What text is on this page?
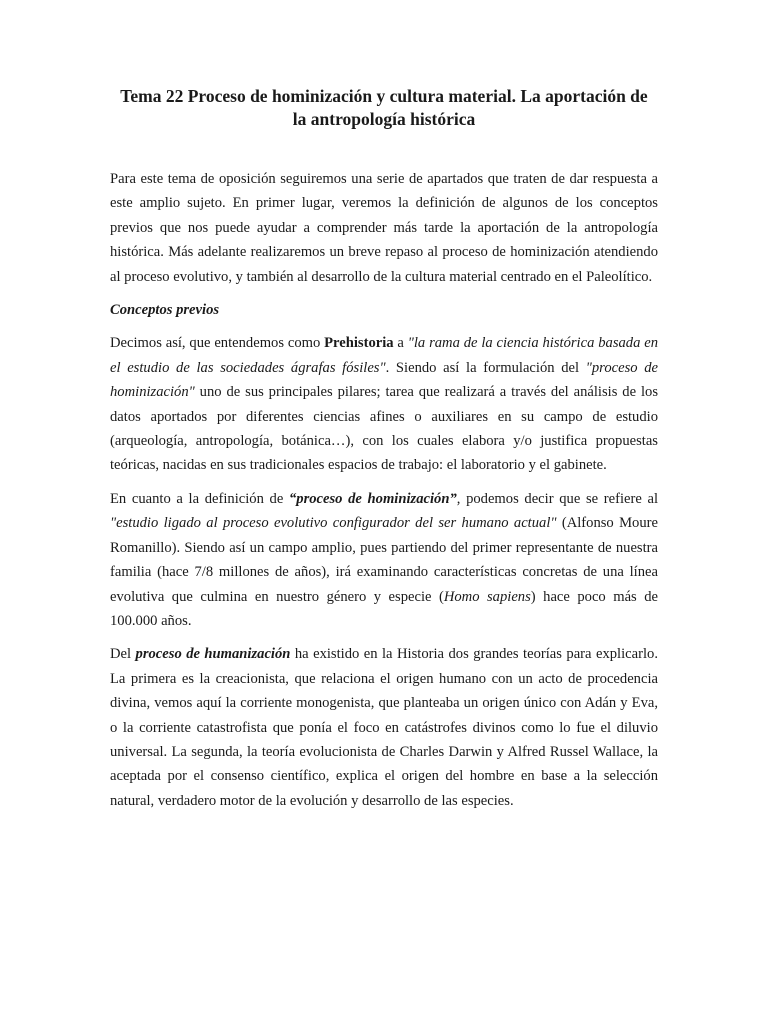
Tema 22 Proceso de hominización y cultura material. La aportación de la antropología histórica

Para este tema de oposición seguiremos una serie de apartados que traten de dar respuesta a este amplio sujeto. En primer lugar, veremos la definición de algunos de los conceptos previos que nos puede ayudar a comprender más tarde la aportación de la antropología histórica. Más adelante realizaremos un breve repaso al proceso de hominización atendiendo al proceso evolutivo, y también al desarrollo de la cultura material centrado en el Paleolítico.

Conceptos previos

Decimos así, que entendemos como Prehistoria a "la rama de la ciencia histórica basada en el estudio de las sociedades ágrafas fósiles". Siendo así la formulación del "proceso de hominización" uno de sus principales pilares; tarea que realizará a través del análisis de los datos aportados por diferentes ciencias afines o auxiliares en su campo de estudio (arqueología, antropología, botánica…), con los cuales elabora y/o justifica propuestas teóricas, nacidas en sus tradicionales espacios de trabajo: el laboratorio y el gabinete.

En cuanto a la definición de “proceso de hominización”, podemos decir que se refiere al "estudio ligado al proceso evolutivo configurador del ser humano actual" (Alfonso Moure Romanillo). Siendo así un campo amplio, pues partiendo del primer representante de nuestra familia (hace 7/8 millones de años), irá examinando características concretas de una línea evolutiva que culmina en nuestro género y especie (Homo sapiens) hace poco más de 100.000 años.

Del proceso de humanización ha existido en la Historia dos grandes teorías para explicarlo. La primera es la creacionista, que relaciona el origen humano con un acto de procedencia divina, vemos aquí la corriente monogenista, que planteaba un origen único con Adán y Eva, o la corriente catastrofista que ponía el foco en catástrofes divinos como lo fue el diluvio universal. La segunda, la teoría evolucionista de Charles Darwin y Alfred Russel Wallace, la aceptada por el consenso científico, explica el origen del hombre en base a la selección natural, verdadero motor de la evolución y desarrollo de las especies.
